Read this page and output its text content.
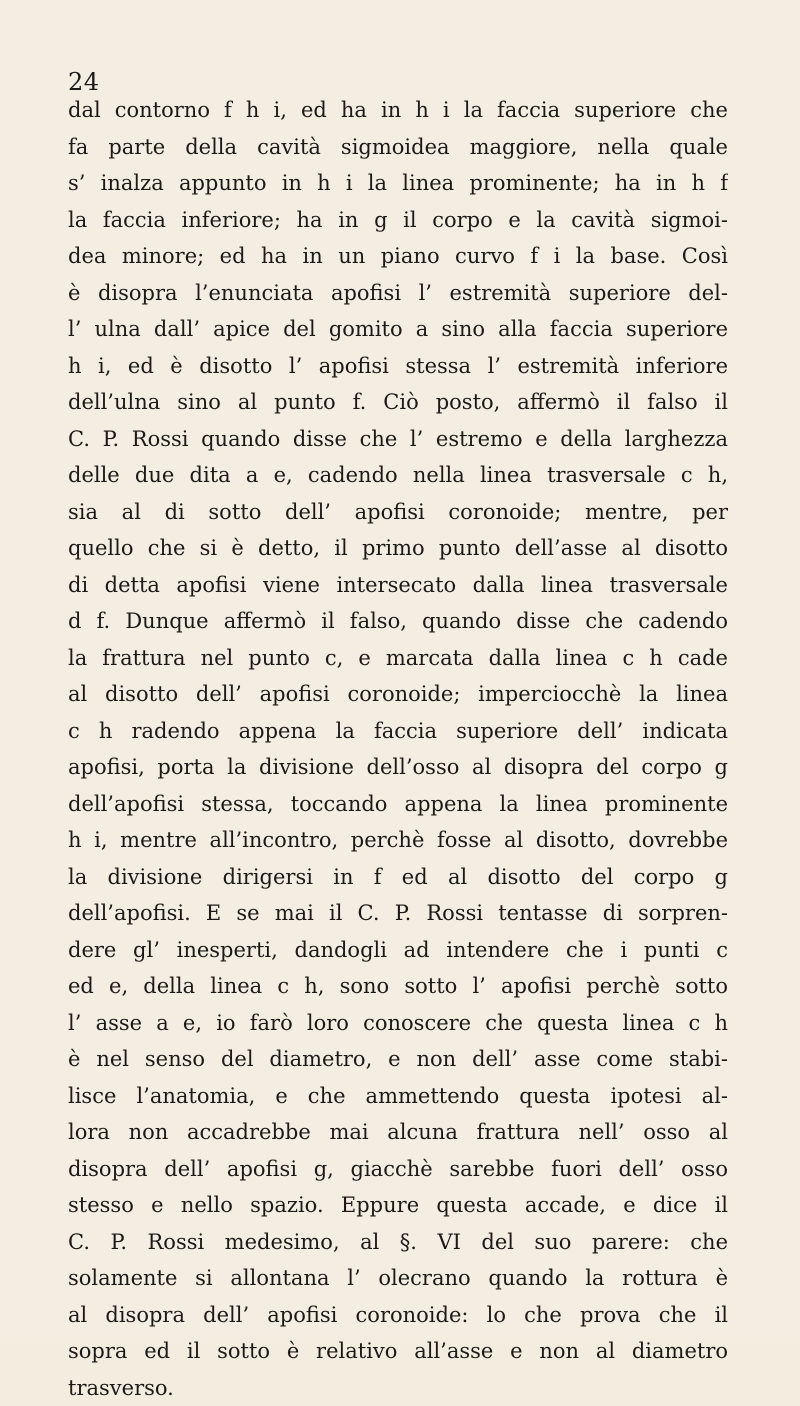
24
dal contorno f h i, ed ha in h i la faccia superiore che
fa parte della cavità sigmoidea maggiore, nella quale
s’ inalza appunto in h i la linea prominente; ha in h f
la faccia inferiore; ha in g il corpo e la cavità sigmoi-
dea minore; ed ha in un piano curvo f i la base. Così
è disopra l’enunciata apofisi l’ estremità superiore del-
l’ ulna dall’ apice del gomito a sino alla faccia superiore
h i, ed è disotto l’ apofisi stessa l’ estremità inferiore
dell’ulna sino al punto f. Ciò posto, affermò il falso il
C. P. Rossi quando disse che l’ estremo e della larghezza
delle due dita a e, cadendo nella linea trasversale c h,
sia al di sotto dell’ apofisi coronoide; mentre, per
quello che si è detto, il primo punto dell’asse al disotto
di detta apofisi viene intersecato dalla linea trasversale
d f. Dunque affermò il falso, quando disse che cadendo
la frattura nel punto c, e marcata dalla linea c h cade
al disotto dell’ apofisi coronoide; imperciocchè la linea
c h radendo appena la faccia superiore dell’ indicata
apofisi, porta la divisione dell’osso al disopra del corpo g
dell’apofisi stessa, toccando appena la linea prominente
h i, mentre all’incontro, perchè fosse al disotto, dovrebbe
la divisione dirigersi in f ed al disotto del corpo g
dell’apofisi. E se mai il C. P. Rossi tentasse di sorpren-
dere gl’ inesperti, dandogli ad intendere che i punti c
ed e, della linea c h, sono sotto l’ apofisi perchè sotto
l’ asse a e, io farò loro conoscere che questa linea c h
è nel senso del diametro, e non dell’ asse come stabi-
lisce l’anatomia, e che ammettendo questa ipotesi al-
lora non accadrebbe mai alcuna frattura nell’ osso al
disopra dell’ apofisi g, giacchè sarebbe fuori dell’ osso
stesso e nello spazio. Eppure questa accade, e dice il
C. P. Rossi medesimo, al §. VI del suo parere: che
solamente si allontana l’ olecrano quando la rottura è
al disopra dell’ apofisi coronoide: lo che prova che il
sopra ed il sotto è relativo all’asse e non al diametro
trasverso.
